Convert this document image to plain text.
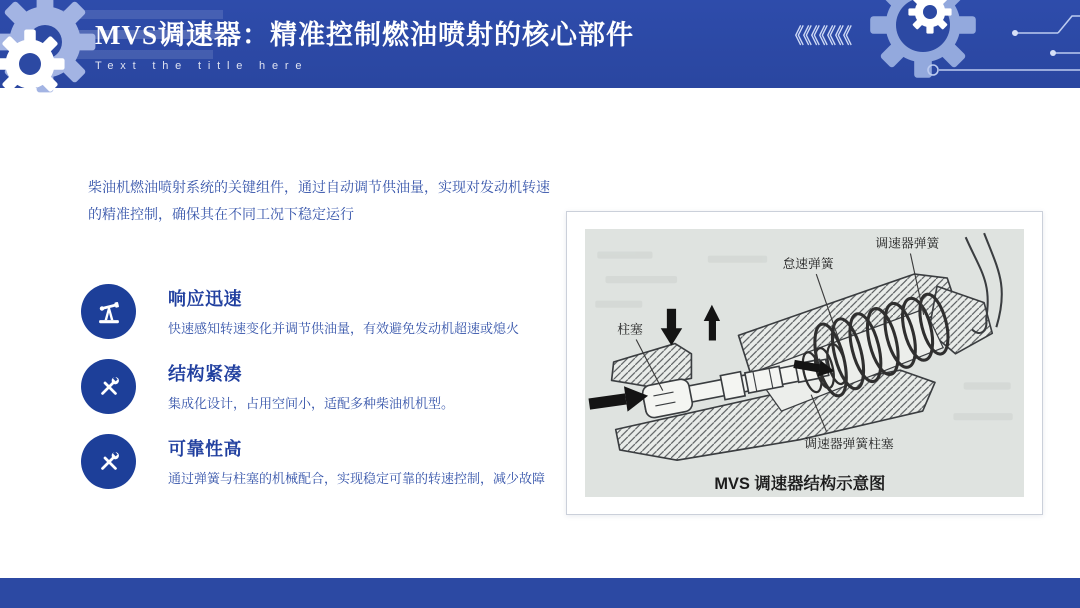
MVS调速器：精准控制燃油喷射的核心部件
Text the title here
《《《《《《《

柴油机燃油喷射系统的关键组件，通过自动调节供油量，实现对发动机转速的精准控制，确保其在不同工况下稳定运行

响应迅速

快速感知转速变化并调节供油量，有效避免发动机超速或熄火

结构紧凑

集成化设计，占用空间小，适配多种柴油机机型。

可靠性高

通过弹簧与柱塞的机械配合，实现稳定可靠的转速控制，减少故障

柱塞
怠速弹簧
调速器弹簧
调速器弹簧柱塞
MVS 调速器结构示意图
